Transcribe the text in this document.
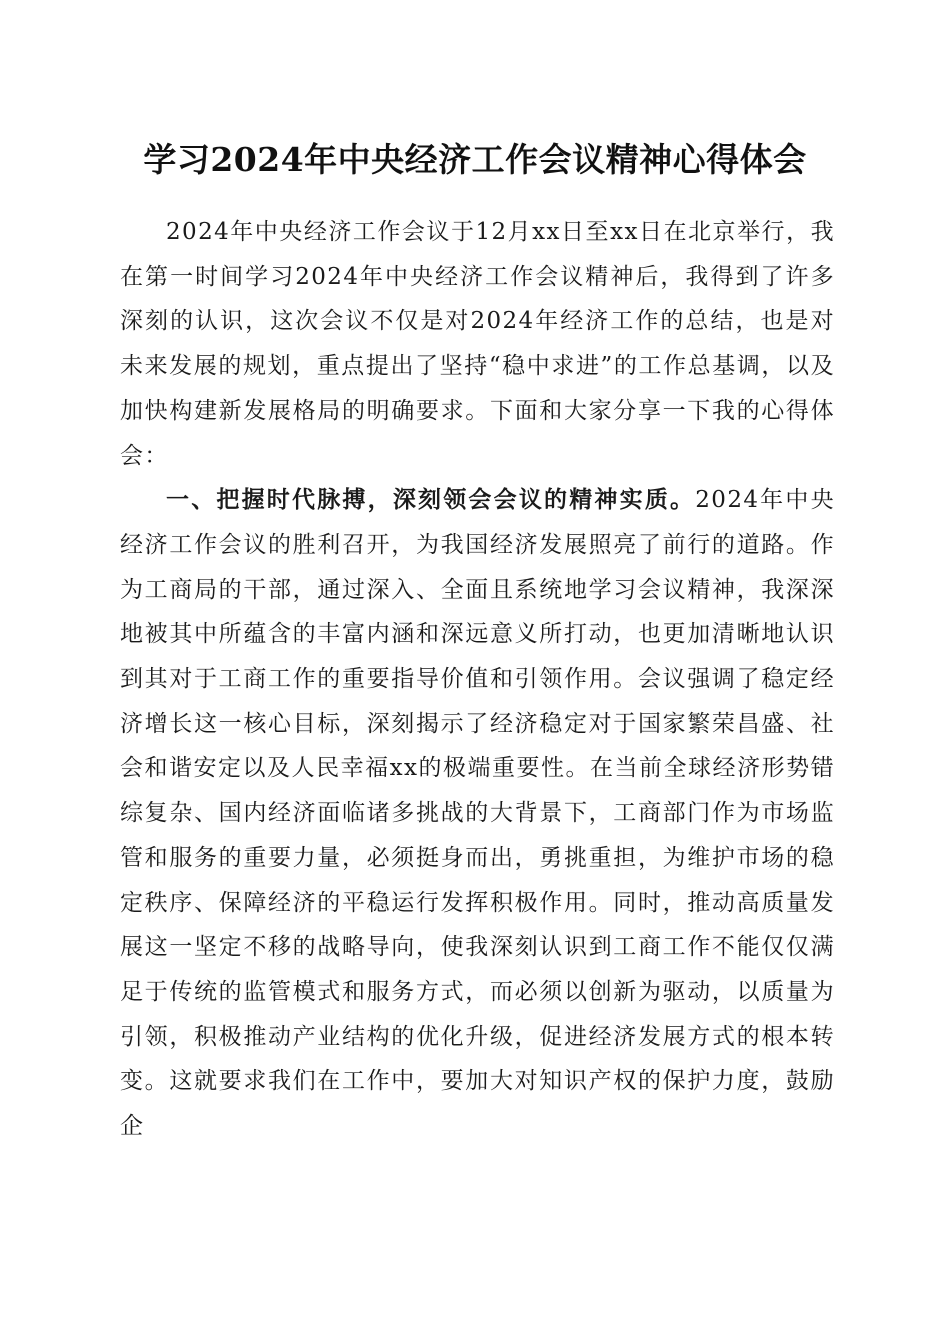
学习2024年中央经济工作会议精神心得体会

2024年中央经济工作会议于12月xx日至xx日在北京举行，我在第一时间学习2024年中央经济工作会议精神后，我得到了许多深刻的认识，这次会议不仅是对2024年经济工作的总结，也是对未来发展的规划，重点提出了坚持“稳中求进”的工作总基调，以及加快构建新发展格局的明确要求。下面和大家分享一下我的心得体会：

一、把握时代脉搏，深刻领会会议的精神实质。2024年中央经济工作会议的胜利召开，为我国经济发展照亮了前行的道路。作为工商局的干部，通过深入、全面且系统地学习会议精神，我深深地被其中所蕴含的丰富内涵和深远意义所打动，也更加清晰地认识到其对于工商工作的重要指导价值和引领作用。会议强调了稳定经济增长这一核心目标，深刻揭示了经济稳定对于国家繁荣昌盛、社会和谐安定以及人民幸福xx的极端重要性。在当前全球经济形势错综复杂、国内经济面临诸多挑战的大背景下，工商部门作为市场监管和服务的重要力量，必须挺身而出，勇挑重担，为维护市场的稳定秩序、保障经济的平稳运行发挥积极作用。同时，推动高质量发展这一坚定不移的战略导向，使我深刻认识到工商工作不能仅仅满足于传统的监管模式和服务方式，而必须以创新为驱动，以质量为引领，积极推动产业结构的优化升级，促进经济发展方式的根本转变。这就要求我们在工作中，要加大对知识产权的保护力度，鼓励企
